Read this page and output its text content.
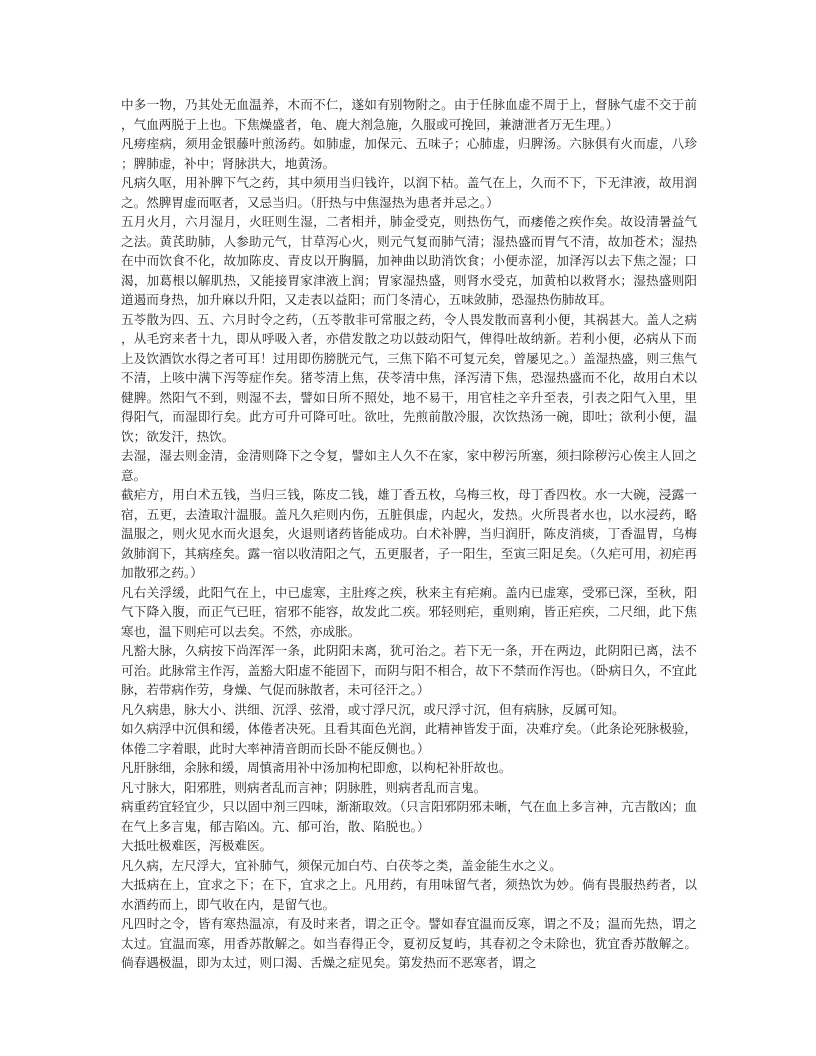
中多一物，乃其处无血温养，木而不仁，遂如有别物附之。由于任脉血虚不周于上，督脉气虚不交于前，气血两脱于上也。下焦燥盛者，龟、鹿大剂急施，久服或可挽回，兼溏泄者万无生理。）

凡痨痓病，须用金银藤叶煎汤药。如肺虚，加保元、五味子；心肺虚，归脾汤。六脉俱有火而虚，八珍；脾肺虚，补中；肾脉洪大，地黄汤。

凡病久呕，用补脾下气之药，其中须用当归钱许，以润下枯。盖气在上，久而不下，下无津液，故用润之。然脾胃虚而呕者，又忌当归。（肝热与中焦湿热为患者并忌之。）

五月火月，六月湿月，火旺则生湿，二者相并，肺金受克，则热伤气，而痿倦之疾作矣。故设清暑益气之法。黄芪助肺，人参助元气，甘草泻心火，则元气复而肺气清；湿热盛而胃气不清，故加苍术；湿热在中而饮食不化，故加陈皮、青皮以开胸膈，加神曲以助消饮食；小便赤涩，加泽泻以去下焦之湿；口渴，加葛根以解肌热，又能接胃家津液上润；胃家湿热盛，则肾水受克，加黄柏以救肾水；湿热盛则阳道遏而身热，加升麻以升阳，又走表以益阳；而门冬清心，五味敛肺，恐湿热伤肺故耳。

五苓散为四、五、六月时令之药，（五苓散非可常服之药，令人畏发散而喜利小便，其祸甚大。盖人之病，从毛窍来者十九，即从呼吸入者，亦借发散之功以鼓动阳气，俾得吐故纳新。若利小便，必病从下而上及饮酒饮水得之者可耳！过用即伤膀胱元气，三焦下陷不可复元矣，曾屡见之。）盖湿热盛，则三焦气不清，上咳中满下泻等症作矣。猪苓清上焦，茯苓清中焦，泽泻清下焦，恐湿热盛而不化，故用白术以健脾。然阳气不到，则湿不去，譬如日所不照处，地不易干，用官桂之辛升至表，引表之阳气入里，里得阳气，而湿即行矣。此方可升可降可吐。欲吐，先煎前散冷服，次饮热汤一碗，即吐；欲利小便，温饮；欲发汗，热饮。

去湿，湿去则金清，金清则降下之令复，譬如主人久不在家，家中秽污所塞，须扫除秽污心俟主人回之意。

截疟方，用白术五钱，当归三钱，陈皮二钱，雄丁香五枚，乌梅三枚，母丁香四枚。水一大碗，浸露一宿，五更，去渣取汁温服。盖凡久疟则内伤，五脏俱虚，内起火，发热。火所畏者水也，以水浸药，略温服之，则火见水而火退矣，火退则诸药皆能成功。白术补脾，当归润肝，陈皮消痰，丁香温胃，乌梅敛肺润下，其病痊矣。露一宿以收清阳之气，五更服者，子一阳生，至寅三阳足矣。（久疟可用，初疟再加散邪之药。）

凡右关浮缓，此阳气在上，中已虚寒，主肚疼之疾，秋来主有疟痢。盖内已虚寒，受邪已深，至秋，阳气下降入腹，而正气已旺，宿邪不能容，故发此二疾。邪轻则疟，重则痢，皆正疟疾，二尺细，此下焦寒也，温下则疟可以去矣。不然，亦成胀。

凡豁大脉，久病按下尚浑浑一条，此阴阳未离，犹可治之。若下无一条，开在两边，此阴阳已离，法不可治。此脉常主作泻，盖豁大阳虚不能固下，而阴与阳不相合，故下不禁而作泻也。（卧病日久，不宜此脉，若带病作劳，身燥、气促而脉散者，未可径汗之。）

凡久病患，脉大小、洪细、沉浮、弦滑，或寸浮尺沉，或尺浮寸沉，但有病脉，反属可知。

如久病浮中沉俱和缓，体倦者决死。且看其面色光润，此精神皆发于面，决难疗矣。（此条论死脉极验，体倦二字着眼，此时大率神清音朗而长卧不能反侧也。）

凡肝脉细，余脉和缓，周慎斋用补中汤加枸杞即愈，以枸杞补肝故也。

凡寸脉大，阳邪胜，则病者乱而言神；阴脉胜，则病者乱而言鬼。

病重药宜轻宜少，只以固中剂三四味，渐渐取效。（只言阳邪阴邪未晰，气在血上多言神，亢吉散凶；血在气上多言鬼，郁吉陷凶。亢、郁可治，散、陷脱也。）

大抵吐极难医，泻极难医。

凡久病，左尺浮大，宜补肺气，须保元加白芍、白茯苓之类，盖金能生水之义。

大抵病在上，宜求之下；在下，宜求之上。凡用药，有用味留气者，须热饮为妙。倘有畏服热药者，以水酒药而上，即气收在内，是留气也。

凡四时之令，皆有寒热温凉，有及时来者，谓之正令。譬如春宜温而反寒，谓之不及；温而先热，谓之太过。宜温而寒，用香苏散解之。如当春得正令，夏初反复屿，其春初之令未除也，犹宜香苏散解之。倘春遇极温，即为太过，则口渴、舌燥之症见矣。第发热而不恶寒者，谓之
